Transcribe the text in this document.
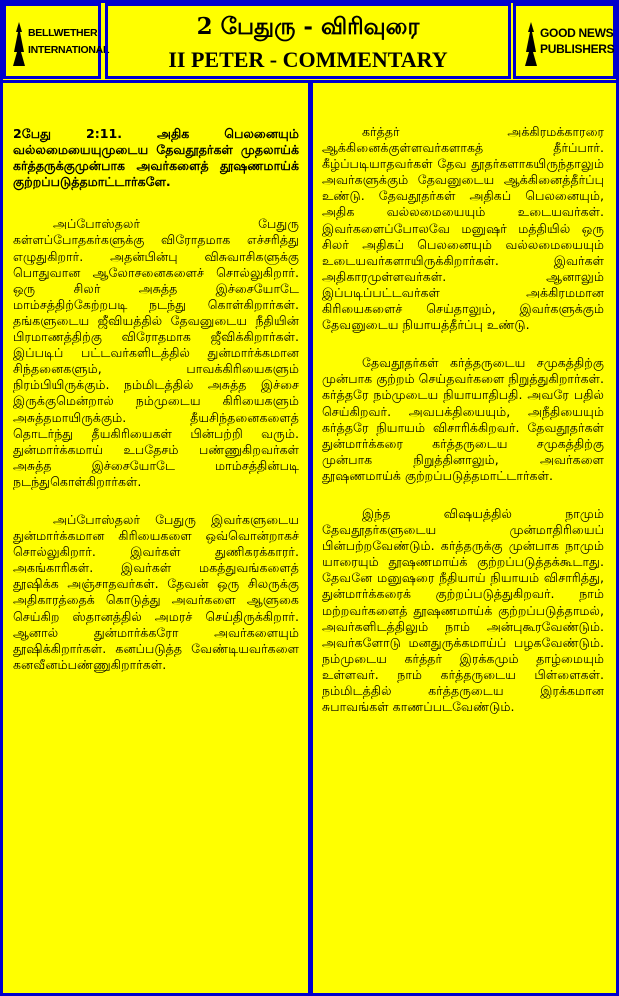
BELLWETHER
INTERNATIONAL
2 பேதுரு - விரிவுரை
II PETER - COMMENTARY
GOOD NEWS
PUBLISHERS

2பேது 2:11. அதிக பெலனையும் வல்லமையையுமுடைய தேவதூதர்கள் முதலாய்க் கர்த்தருக்குமுன்பாக அவர்களைத் தூஷணமாய்க் குற்றப்படுத்தமாட்டார்களே.

அப்போஸ்தலர் பேதுரு கள்ளப்போதகர்களுக்கு விரோதமாக எச்சரித்து எழுதுகிறார். அதன்பின்பு விசுவாசிகளுக்கு பொதுவான ஆலோசனைகளைச் சொல்லுகிறார். ஒரு சிலர் அசுத்த இச்சையோடே மாம்சத்திற்கேற்றபடி நடந்து கொள்கிறார்கள். தங்களுடைய ஜீவியத்தில் தேவனுடைய நீதியின் பிரமாணத்திற்கு விரோதமாக ஜீவிக்கிறார்கள். இப்படிப் பட்டவர்களிடத்தில் துன்மார்க்கமான சிந்தனைகளும், பாவக்கிரியைகளும் நிரம்பியிருக்கும். நம்மிடத்தில் அசுத்த இச்சை இருக்குமென்றால் நம்முடைய கிரியைகளும் அசுத்தமாயிருக்கும். தீயசிந்தனைகளைத் தொடர்ந்து தீயகிரியைகள் பின்பற்றி வரும். துன்மார்க்கமாய் உபதேசம் பண்ணுகிறவர்கள் அசுத்த இச்சையோடே மாம்சத்தின்படி நடந்துகொள்கிறார்கள்.

அப்போஸ்தலர் பேதுரு இவர்களுடைய துன்மார்க்கமான கிரியைகளை ஒவ்வொன்றாகச் சொல்லுகிறார். இவர்கள் துணிகரக்காரர். அகங்காரிகள். இவர்கள் மகத்துவங்களைத் தூஷிக்க அஞ்சாதவர்கள். தேவன் ஒரு சிலருக்கு அதிகாரத்தைக் கொடுத்து அவர்களை ஆளுகை செய்கிற ஸ்தானத்தில் அமரச் செய்திருக்கிறார். ஆனால் துன்மார்க்கரோ அவர்களையும் தூஷிக்கிறார்கள். கனப்படுத்த வேண்டியவர்களை கனவீனம்பண்ணுகிறார்கள்.

கர்த்தர் அக்கிரமக்காரரை ஆக்கினைக்குள்ளவர்களாகத் தீர்ப்பார். கீழ்ப்படியாதவர்கள் தேவ தூதர்களாகயிருந்தாலும் அவர்களுக்கும் தேவனுடைய ஆக்கினைத்தீர்ப்பு உண்டு. தேவதூதர்கள் அதிகப் பெலனையும், அதிக வல்லமையையும் உடையவர்கள். இவர்களைப்போலவே மனுஷர் மத்தியில் ஒரு சிலர் அதிகப் பெலனையும் வல்லமையையும் உடையவர்களாயிருக்கிறார்கள். இவர்கள் அதிகாரமுள்ளவர்கள். ஆனாலும் இப்படிப்பட்டவர்கள் அக்கிரமமான கிரியைகளைச் செய்தாலும், இவர்களுக்கும் தேவனுடைய நியாயத்தீர்ப்பு உண்டு.

தேவதூதர்கள் கர்த்தருடைய சமுகத்திற்கு முன்பாக குற்றம் செய்தவர்களை நிறுத்துகிறார்கள். கர்த்தரே நம்முடைய நியாயாதிபதி. அவரே பதில் செய்கிறவர். அவபக்தியையும், அநீதியையும் கர்த்தரே நியாயம் விசாரிக்கிறவர். தேவதூதர்கள் துன்மார்க்கரை கர்த்தருடைய சமுகத்திற்கு முன்பாக நிறுத்தினாலும், அவர்களை தூஷணமாய்க் குற்றப்படுத்தமாட்டார்கள்.

இந்த விஷயத்தில் நாமும் தேவதூதர்களுடைய முன்மாதிரியைப் பின்பற்றவேண்டும். கர்த்தருக்கு முன்பாக நாமும் யாரையும் தூஷணமாய்க் குற்றப்படுத்தக்கூடாது. தேவனே மனுஷரை நீதியாய் நியாயம் விசாரித்து, துன்மார்க்கரைக் குற்றப்படுத்துகிறவர். நாம் மற்றவர்களைத் தூஷணமாய்க் குற்றப்படுத்தாமல், அவர்களிடத்திலும் நாம் அன்புகூரவேண்டும். அவர்களோடு மனதுருக்கமாய்ப் பழகவேண்டும். நம்முடைய கர்த்தர் இரக்கமும் தாழ்மையும் உள்ளவர். நாம் கர்த்தருடைய பிள்ளைகள். நம்மிடத்தில் கர்த்தருடைய இரக்கமான சுபாவங்கள் காணப்படவேண்டும்.
